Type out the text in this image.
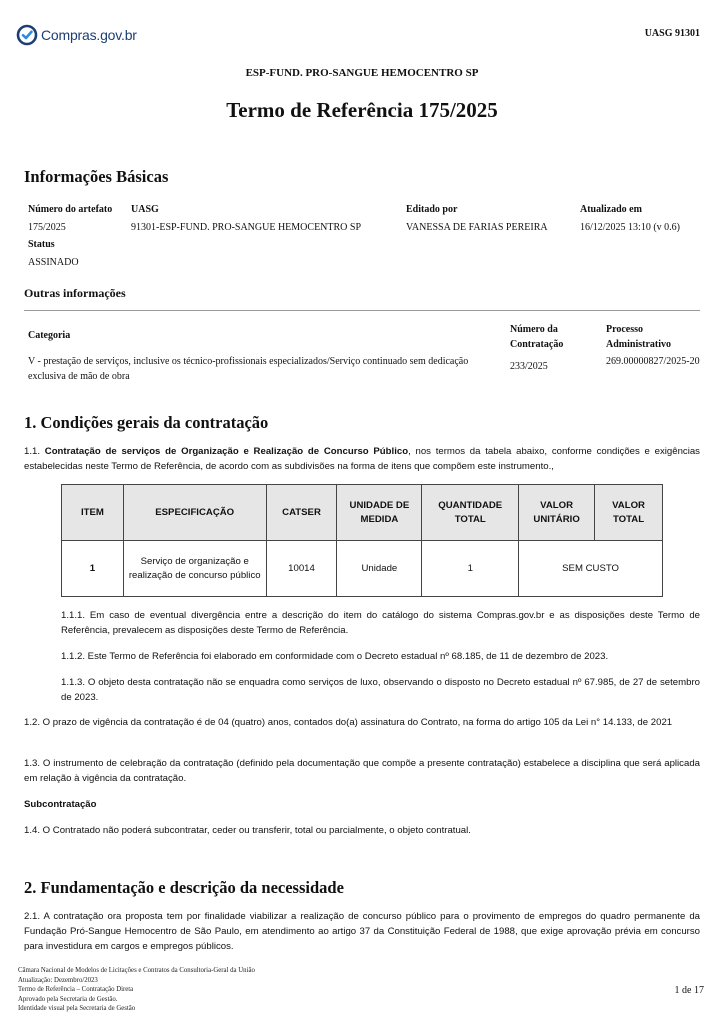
Compras.gov.br	UASG 91301
ESP-FUND. PRO-SANGUE HEMOCENTRO SP
Termo de Referência 175/2025
Informações Básicas
Número do artefato
175/2025
UASG
91301-ESP-FUND. PRO-SANGUE HEMOCENTRO SP
Editado por
VANESSA DE FARIAS PEREIRA
Atualizado em
16/12/2025 13:10 (v 0.6)
Status
ASSINADO
Outras informações
Categoria
V - prestação de serviços, inclusive os técnico-profissionais especializados/Serviço continuado sem dedicação exclusiva de mão de obra
Número da Contratação
233/2025
Processo Administrativo
269.00000827/2025-20
1. Condições gerais da contratação
1.1. Contratação de serviços de Organização e Realização de Concurso Público, nos termos da tabela abaixo, conforme condições e exigências estabelecidas neste Termo de Referência, de acordo com as subdivisões na forma de itens que compõem este instrumento.,
ITEM	ESPECIFICAÇÃO	CATSER	UNIDADE DE MEDIDA	QUANTIDADE TOTAL	VALOR UNITÁRIO	VALOR TOTAL
1	Serviço de organização e realização de concurso público	10014	Unidade	1	SEM CUSTO	
1.1.1. Em caso de eventual divergência entre a descrição do item do catálogo do sistema Compras.gov.br e as disposições deste Termo de Referência, prevalecem as disposições deste Termo de Referência.
1.1.2. Este Termo de Referência foi elaborado em conformidade com o Decreto estadual nº 68.185, de 11 de dezembro de 2023.
1.1.3. O objeto desta contratação não se enquadra como serviços de luxo, observando o disposto no Decreto estadual nº 67.985, de 27 de setembro de 2023.
1.2. O prazo de vigência da contratação é de 04 (quatro) anos, contados do(a) assinatura do Contrato, na forma do artigo 105 da Lei n° 14.133, de 2021
1.3. O instrumento de celebração da contratação (definido pela documentação que compõe a presente contratação) estabelece a disciplina que será aplicada em relação à vigência da contratação.
Subcontratação
1.4. O Contratado não poderá subcontratar, ceder ou transferir, total ou parcialmente, o objeto contratual.
2. Fundamentação e descrição da necessidade
2.1. A contratação ora proposta tem por finalidade viabilizar a realização de concurso público para o provimento de empregos do quadro permanente da Fundação Pró-Sangue Hemocentro de São Paulo, em atendimento ao artigo 37 da Constituição Federal de 1988, que exige aprovação prévia em concurso para investidura em cargos e empregos públicos.
Câmara Nacional de Modelos de Licitações e Contratos da Consultoria-Geral da União
Atualização: Dezembro/2023
Termo de Referência – Contratação Direta
Aprovado pela Secretaria de Gestão.
Identidade visual pela Secretaria de Gestão
1 de 17
